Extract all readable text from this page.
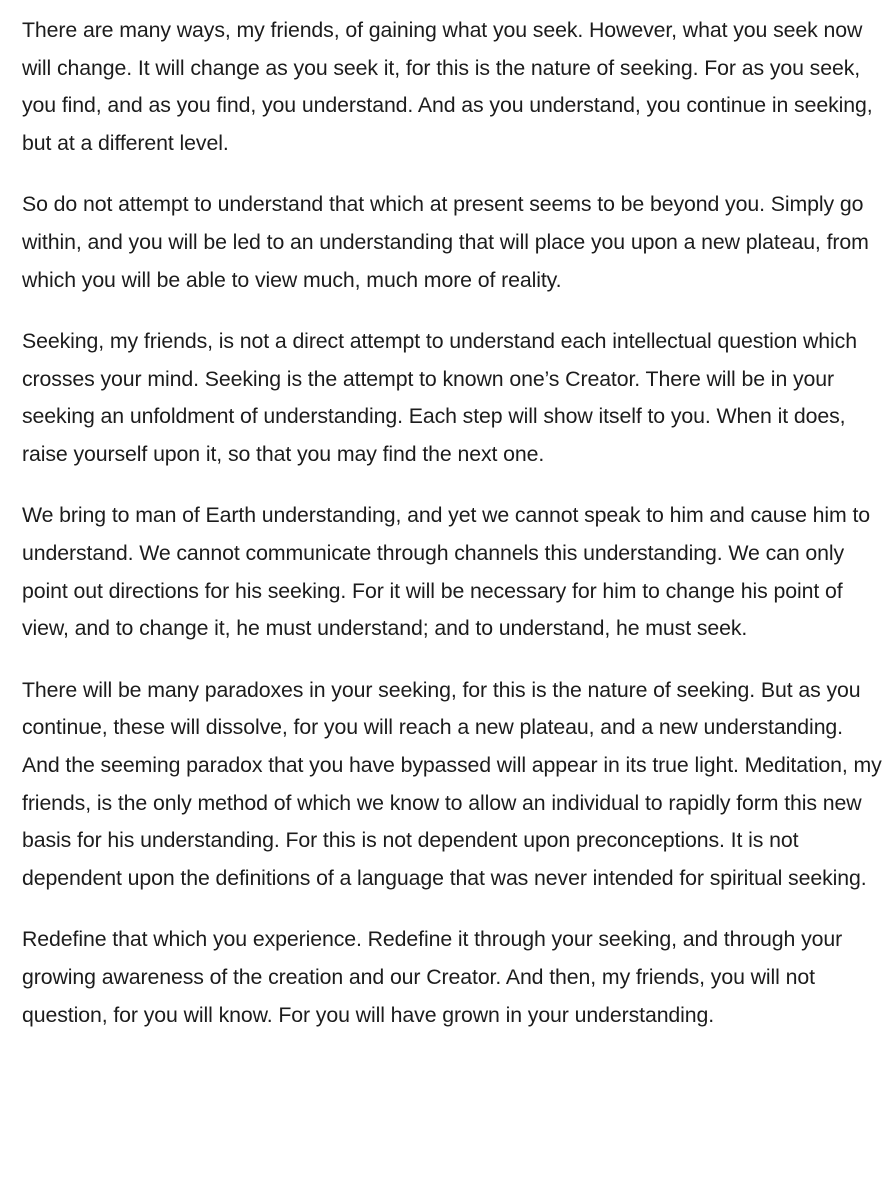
There are many ways, my friends, of gaining what you seek. However, what you seek now will change. It will change as you seek it, for this is the nature of seeking. For as you seek, you find, and as you find, you understand. And as you understand, you continue in seeking, but at a different level.

So do not attempt to understand that which at present seems to be beyond you. Simply go within, and you will be led to an understanding that will place you upon a new plateau, from which you will be able to view much, much more of reality.

Seeking, my friends, is not a direct attempt to understand each intellectual question which crosses your mind. Seeking is the attempt to known one’s Creator. There will be in your seeking an unfoldment of understanding. Each step will show itself to you. When it does, raise yourself upon it, so that you may find the next one.

We bring to man of Earth understanding, and yet we cannot speak to him and cause him to understand. We cannot communicate through channels this understanding. We can only point out directions for his seeking. For it will be necessary for him to change his point of view, and to change it, he must understand; and to understand, he must seek.

There will be many paradoxes in your seeking, for this is the nature of seeking. But as you continue, these will dissolve, for you will reach a new plateau, and a new understanding. And the seeming paradox that you have bypassed will appear in its true light. Meditation, my friends, is the only method of which we know to allow an individual to rapidly form this new basis for his understanding. For this is not dependent upon preconceptions. It is not dependent upon the definitions of a language that was never intended for spiritual seeking.

Redefine that which you experience. Redefine it through your seeking, and through your growing awareness of the creation and our Creator. And then, my friends, you will not question, for you will know. For you will have grown in your understanding.
